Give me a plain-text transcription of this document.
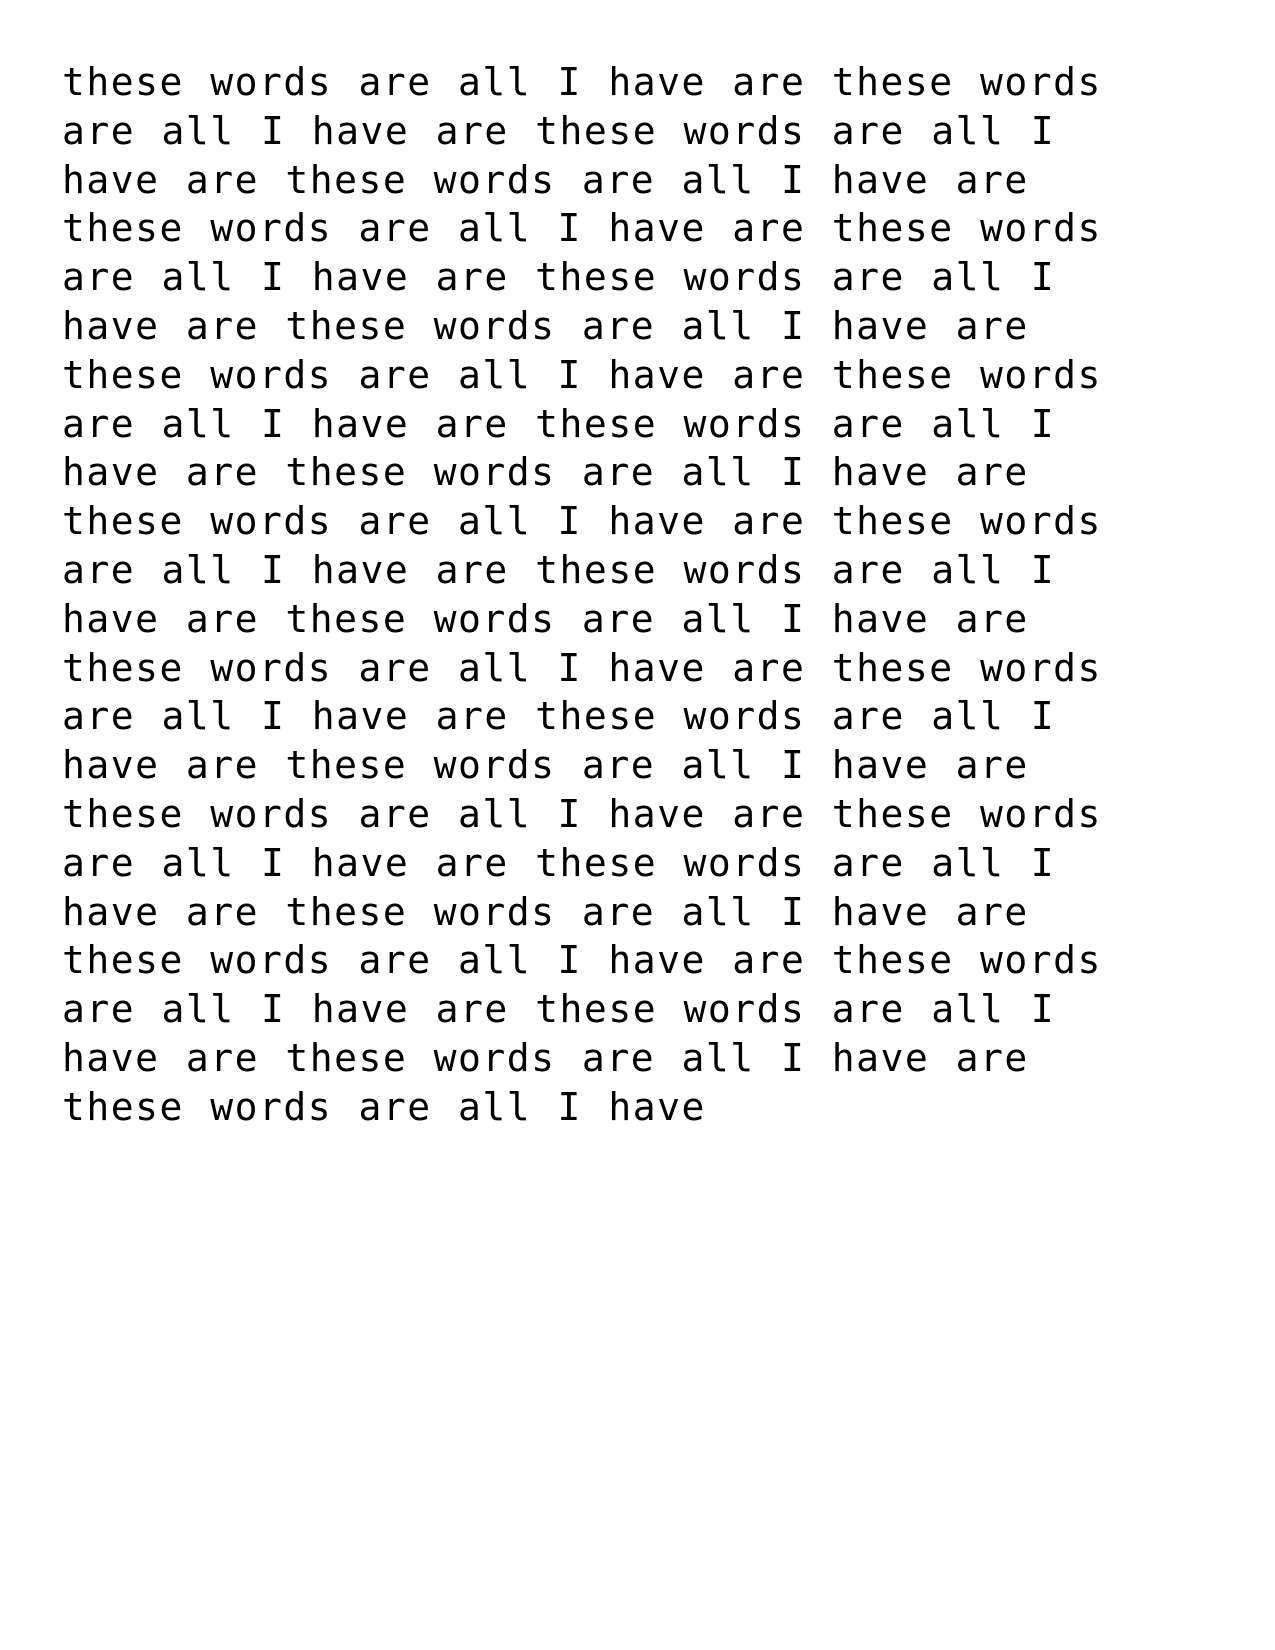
these words are all I have are these words are all I have are these words are all I have are these words are all I have are these words are all I have are these words are all I have are these words are all I have are these words are all I have are these words are all I have are these words are all I have are these words are all I have are these words are all I have are these words are all I have are these words are all I have are these words are all I have are these words are all I have are these words are all I have are these words are all I have are these words are all I have are these words are all I have are these words are all I have are these words are all I have are these words are all I have are these words are all I have are these words are all I have are these words are all I have are these words are all I have are these words are all I have are these words are all I have
